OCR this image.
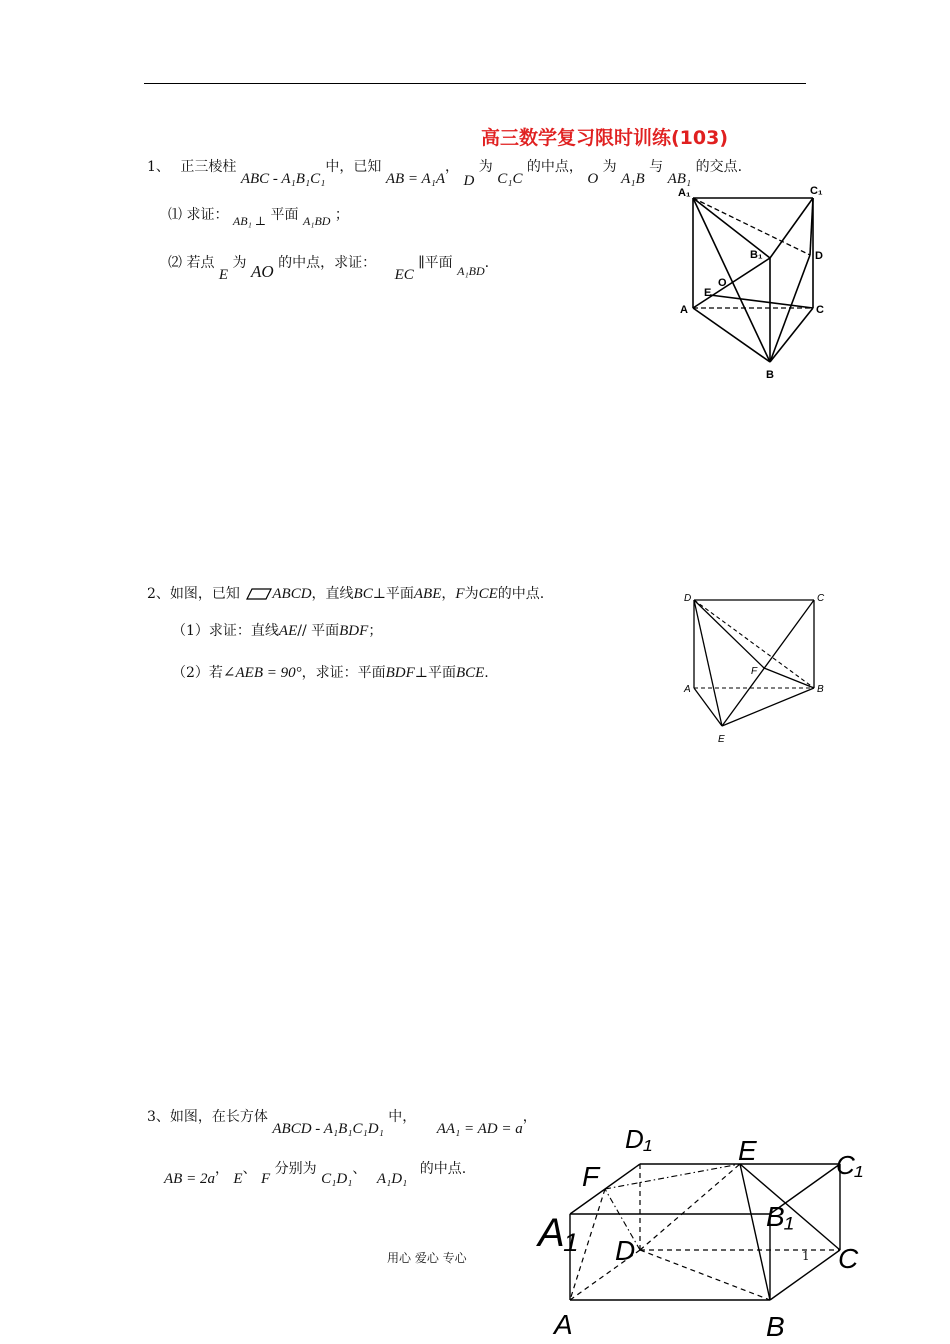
高三数学复习限时训练(103)
1、 正三棱柱 ABC - A₁B₁C₁中，已知 AB = A₁A， D 为 C₁C 的中点， O 为 A₁B 与 AB₁ 的交点.
⑴ 求证： AB₁ ⊥ 平面 A₁BD ；
⑵ 若点 E 为 AO 的中点，求证： EC ∥平面 A₁BD.
A₁	C₁
B₁	D
O
E
A	C
B
2、如图，已知 ABCD，直线BC⊥平面ABE，F为CE的中点.
（1）求证：直线AE// 平面BDF；
（2）若∠AEB = 90°，求证：平面BDF⊥平面BCE.
D	C
F
A	B
E
3、如图，在长方体 ABCD - A₁B₁C₁D₁ 中， AA₁ = AD = a，
AB = 2a， E、 F 分别为 C₁D₁、 A₁D₁ 的中点.
D₁	E	C₁
F
A₁	B₁
D	C
A	B
用心 爱心 专心	1
